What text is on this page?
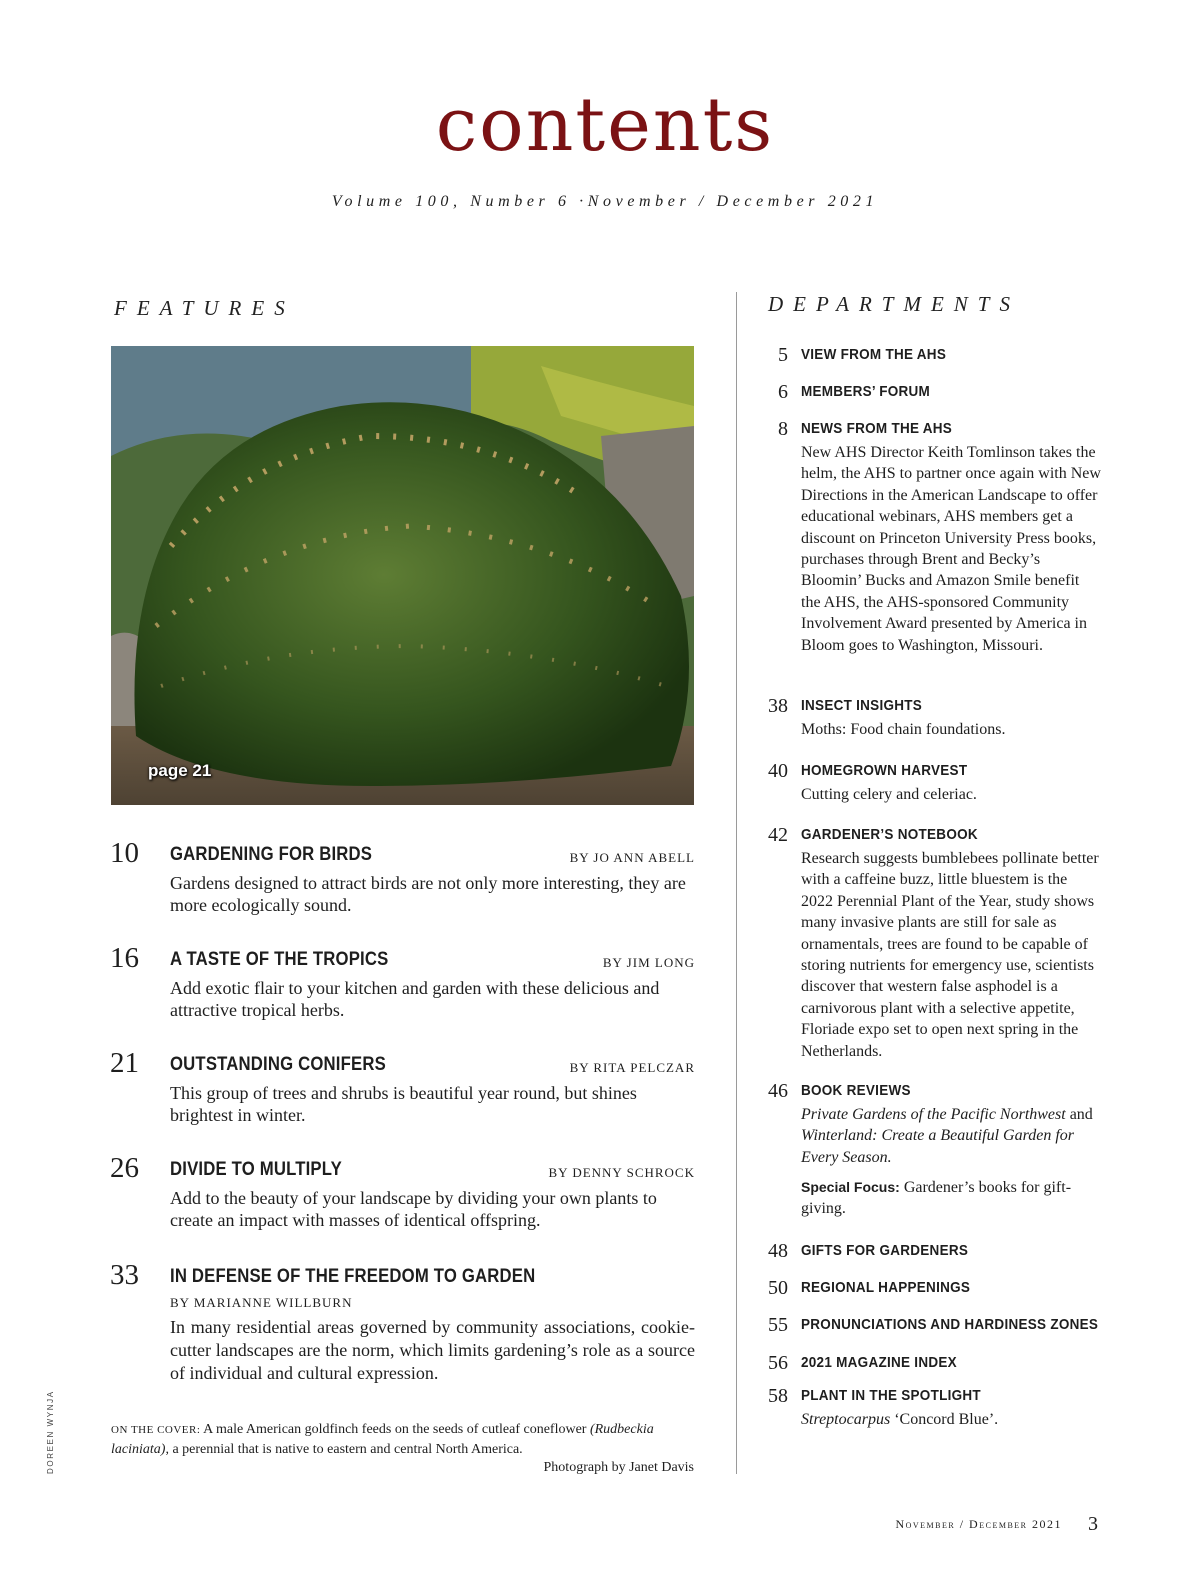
contents
Volume 100, Number 6 ·November / December 2021
FEATURES	DEPARTMENTS
page 21
10 GARDENING FOR BIRDS	BY JO ANN ABELL
Gardens designed to attract birds are not only more interesting, they are more ecologically sound.
16 A TASTE OF THE TROPICS	BY JIM LONG
Add exotic flair to your kitchen and garden with these delicious and attractive tropical herbs.
21 OUTSTANDING CONIFERS	BY RITA PELCZAR
This group of trees and shrubs is beautiful year round, but shines brightest in winter.
26 DIVIDE TO MULTIPLY	BY DENNY SCHROCK
Add to the beauty of your landscape by dividing your own plants to create an impact with masses of identical offspring.
33 IN DEFENSE OF THE FREEDOM TO GARDEN
BY MARIANNE WILLBURN
In many residential areas governed by community associations, cookie-cutter landscapes are the norm, which limits gardening’s role as a source of individual and cultural expression.
ON THE COVER: A male American goldfinch feeds on the seeds of cutleaf coneflower (Rudbeckia laciniata), a perennial that is native to eastern and central North America.
Photograph by Janet Davis
DOREEN WYNJA
5 VIEW FROM THE AHS
6 MEMBERS’ FORUM
8 NEWS FROM THE AHS
New AHS Director Keith Tomlinson takes the helm, the AHS to partner once again with New Directions in the American Landscape to offer educational webinars, AHS members get a discount on Princeton University Press books, purchases through Brent and Becky’s Bloomin’ Bucks and Amazon Smile benefit the AHS, the AHS-sponsored Community Involvement Award presented by America in Bloom goes to Washington, Missouri.
38 INSECT INSIGHTS
Moths: Food chain foundations.
40 HOMEGROWN HARVEST
Cutting celery and celeriac.
42 GARDENER’S NOTEBOOK
Research suggests bumblebees pollinate better with a caffeine buzz, little bluestem is the 2022 Perennial Plant of the Year, study shows many invasive plants are still for sale as ornamentals, trees are found to be capable of storing nutrients for emergency use, scientists discover that western false asphodel is a carnivorous plant with a selective appetite, Floriade expo set to open next spring in the Netherlands.
46 BOOK REVIEWS
Private Gardens of the Pacific Northwest and Winterland: Create a Beautiful Garden for Every Season.
Special Focus: Gardener’s books for gift-giving.
48 GIFTS FOR GARDENERS
50 REGIONAL HAPPENINGS
55 PRONUNCIATIONS AND HARDINESS ZONES
56 2021 MAGAZINE INDEX
58 PLANT IN THE SPOTLIGHT
Streptocarpus ‘Concord Blue’.
November / December 2021 3
